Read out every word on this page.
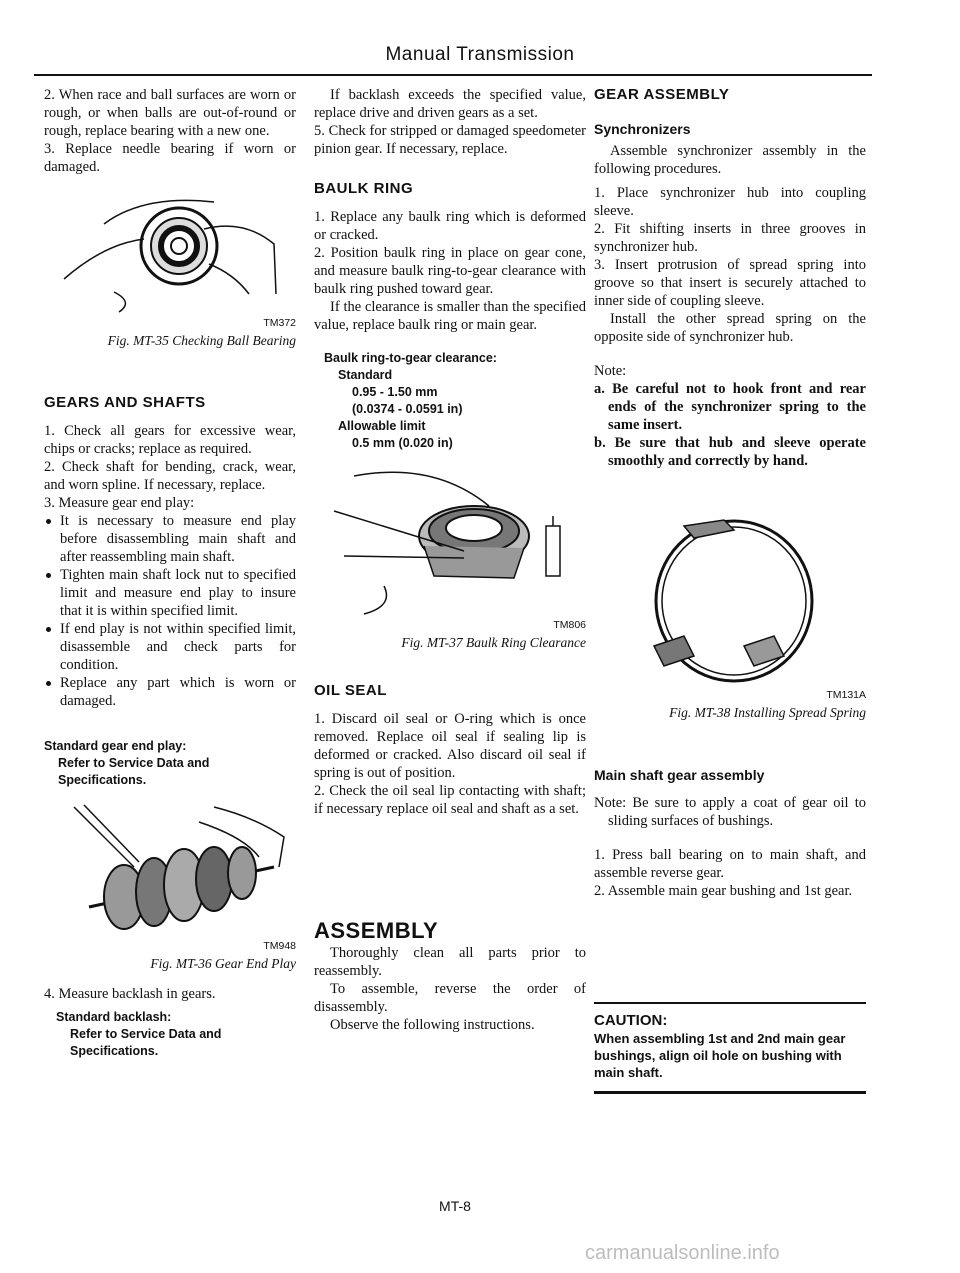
Manual Transmission

2. When race and ball surfaces are worn or rough, or when balls are out-of-round or rough, replace bearing with a new one.

3. Replace needle bearing if worn or damaged.

TM372
Fig. MT-35 Checking Ball Bearing
GEARS AND SHAFTS

1. Check all gears for excessive wear, chips or cracks; replace as required.

2. Check shaft for bending, crack, wear, and worn spline. If necessary, replace.

3. Measure gear end play:

It is necessary to measure end play before disassembling main shaft and after reassembling main shaft.

Tighten main shaft lock nut to specified limit and measure end play to insure that it is within specified limit.

If end play is not within specified limit, disassemble and check parts for condition.

Replace any part which is worn or damaged.

Standard gear end play:
Refer to Service Data and
Specifications.
TM948
Fig. MT-36 Gear End Play

4. Measure backlash in gears.

Standard backlash:
Refer to Service Data and
Specifications.

If backlash exceeds the specified value, replace drive and driven gears as a set.

5. Check for stripped or damaged speedometer pinion gear. If necessary, replace.

BAULK RING

1. Replace any baulk ring which is deformed or cracked.

2. Position baulk ring in place on gear cone, and measure baulk ring-to-gear clearance with baulk ring pushed toward gear.

If the clearance is smaller than the specified value, replace baulk ring or main gear.

Baulk ring-to-gear clearance:
Standard
0.95 - 1.50 mm
(0.0374 - 0.0591 in)
Allowable limit
0.5 mm (0.020 in)
TM806
Fig. MT-37 Baulk Ring Clearance
OIL SEAL

1. Discard oil seal or O-ring which is once removed. Replace oil seal if sealing lip is deformed or cracked. Also discard oil seal if spring is out of position.

2. Check the oil seal lip contacting with shaft; if necessary replace oil seal and shaft as a set.

ASSEMBLY

Thoroughly clean all parts prior to reassembly.

To assemble, reverse the order of disassembly.

Observe the following instructions.

GEAR ASSEMBLY
Synchronizers

Assemble synchronizer assembly in the following procedures.

1. Place synchronizer hub into coupling sleeve.

2. Fit shifting inserts in three grooves in synchronizer hub.

3. Insert protrusion of spread spring into groove so that insert is securely attached to inner side of coupling sleeve.

Install the other spread spring on the opposite side of synchronizer hub.

Note:

a. Be careful not to hook front and rear ends of the synchronizer spring to the same insert.

b. Be sure that hub and sleeve operate smoothly and correctly by hand.

TM131A
Fig. MT-38 Installing Spread Spring
Main shaft gear assembly

Note: Be sure to apply a coat of gear oil to sliding surfaces of bushings.

1. Press ball bearing on to main shaft, and assemble reverse gear.

2. Assemble main gear bushing and 1st gear.

CAUTION:
When assembling 1st and 2nd main gear bushings, align oil hole on bushing with main shaft.
MT-8
carmanualsonline.info
